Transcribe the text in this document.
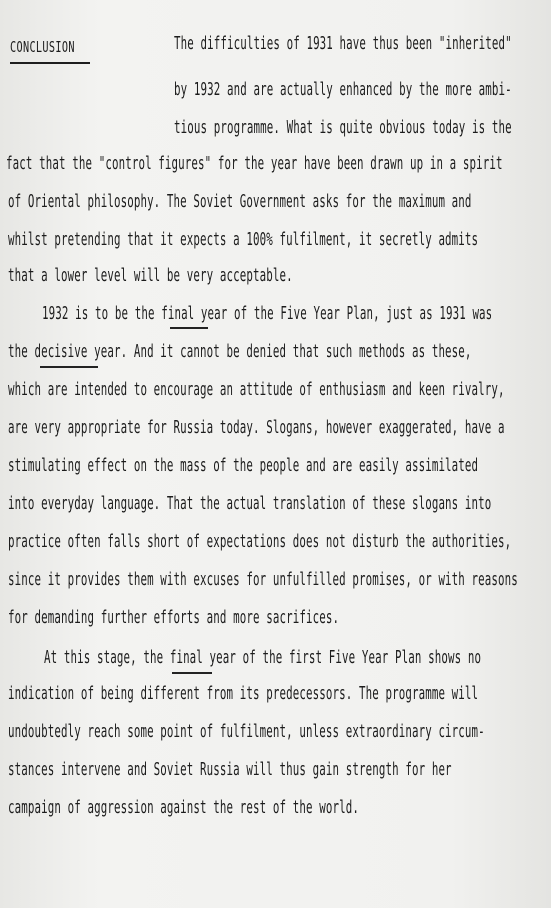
CONCLUSION	The difficulties of 1931 have thus been "inherited"
by 1932 and are actually enhanced by the more ambi-
tious programme. What is quite obvious today is the
fact that the "control figures" for the year have been drawn up in a spirit
of Oriental philosophy. The Soviet Government asks for the maximum and
whilst pretending that it expects a 100% fulfilment, it secretly admits
that a lower level will be very acceptable.
1932 is to be the final year of the Five Year Plan, just as 1931 was
the decisive year. And it cannot be denied that such methods as these,
which are intended to encourage an attitude of enthusiasm and keen rivalry,
are very appropriate for Russia today. Slogans, however exaggerated, have a
stimulating effect on the mass of the people and are easily assimilated
into everyday language. That the actual translation of these slogans into
practice often falls short of expectations does not disturb the authorities,
since it provides them with excuses for unfulfilled promises, or with reasons
for demanding further efforts and more sacrifices.
At this stage, the final year of the first Five Year Plan shows no
indication of being different from its predecessors. The programme will
undoubtedly reach some point of fulfilment, unless extraordinary circum-
stances intervene and Soviet Russia will thus gain strength for her
campaign of aggression against the rest of the world.
